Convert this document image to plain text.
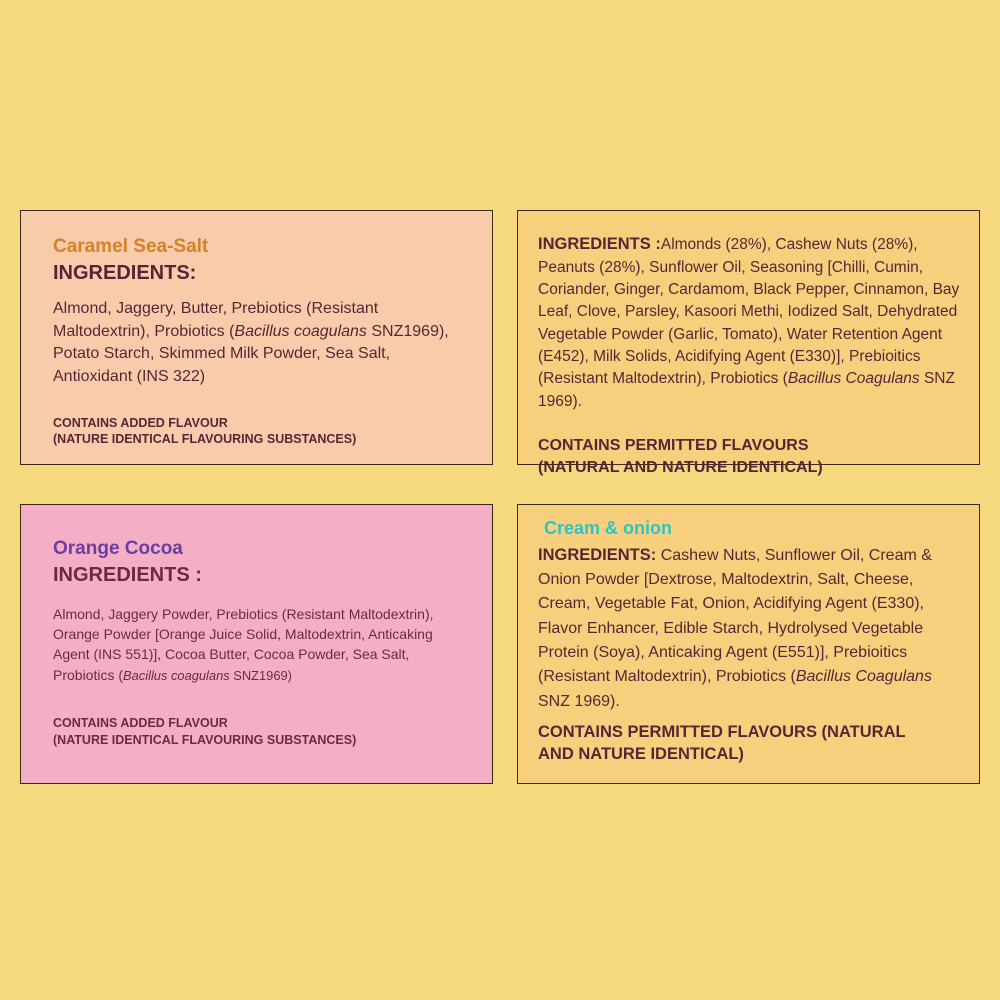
Caramel Sea-Salt
INGREDIENTS:

Almond, Jaggery, Butter, Prebiotics (Resistant Maltodextrin), Probiotics (Bacillus coagulans SNZ1969), Potato Starch, Skimmed Milk Powder, Sea Salt, Antioxidant (INS 322)

CONTAINS ADDED FLAVOUR
(NATURE IDENTICAL FLAVOURING SUBSTANCES)

INGREDIENTS :Almonds (28%), Cashew Nuts (28%), Peanuts (28%), Sunflower Oil, Seasoning [Chilli, Cumin, Coriander, Ginger, Cardamom, Black Pepper, Cinnamon, Bay Leaf, Clove, Parsley, Kasoori Methi, Iodized Salt, Dehydrated Vegetable Powder (Garlic, Tomato), Water Retention Agent (E452), Milk Solids, Acidifying Agent (E330)], Prebioitics (Resistant Maltodextrin), Probiotics (Bacillus Coagulans SNZ 1969).

CONTAINS PERMITTED FLAVOURS
(NATURAL AND NATURE IDENTICAL)
Orange Cocoa
INGREDIENTS :

Almond, Jaggery Powder, Prebiotics (Resistant Maltodextrin), Orange Powder [Orange Juice Solid, Maltodextrin, Anticaking Agent (INS 551)], Cocoa Butter, Cocoa Powder, Sea Salt, Probiotics (Bacillus coagulans SNZ1969)

CONTAINS ADDED FLAVOUR
(NATURE IDENTICAL FLAVOURING SUBSTANCES)
Cream & onion

INGREDIENTS: Cashew Nuts, Sunflower Oil, Cream & Onion Powder [Dextrose, Maltodextrin, Salt, Cheese, Cream, Vegetable Fat, Onion, Acidifying Agent (E330), Flavor Enhancer, Edible Starch, Hydrolysed Vegetable Protein (Soya), Anticaking Agent (E551)], Prebioitics (Resistant Maltodextrin), Probiotics (Bacillus Coagulans SNZ 1969).

CONTAINS PERMITTED FLAVOURS (NATURAL
AND NATURE IDENTICAL)
